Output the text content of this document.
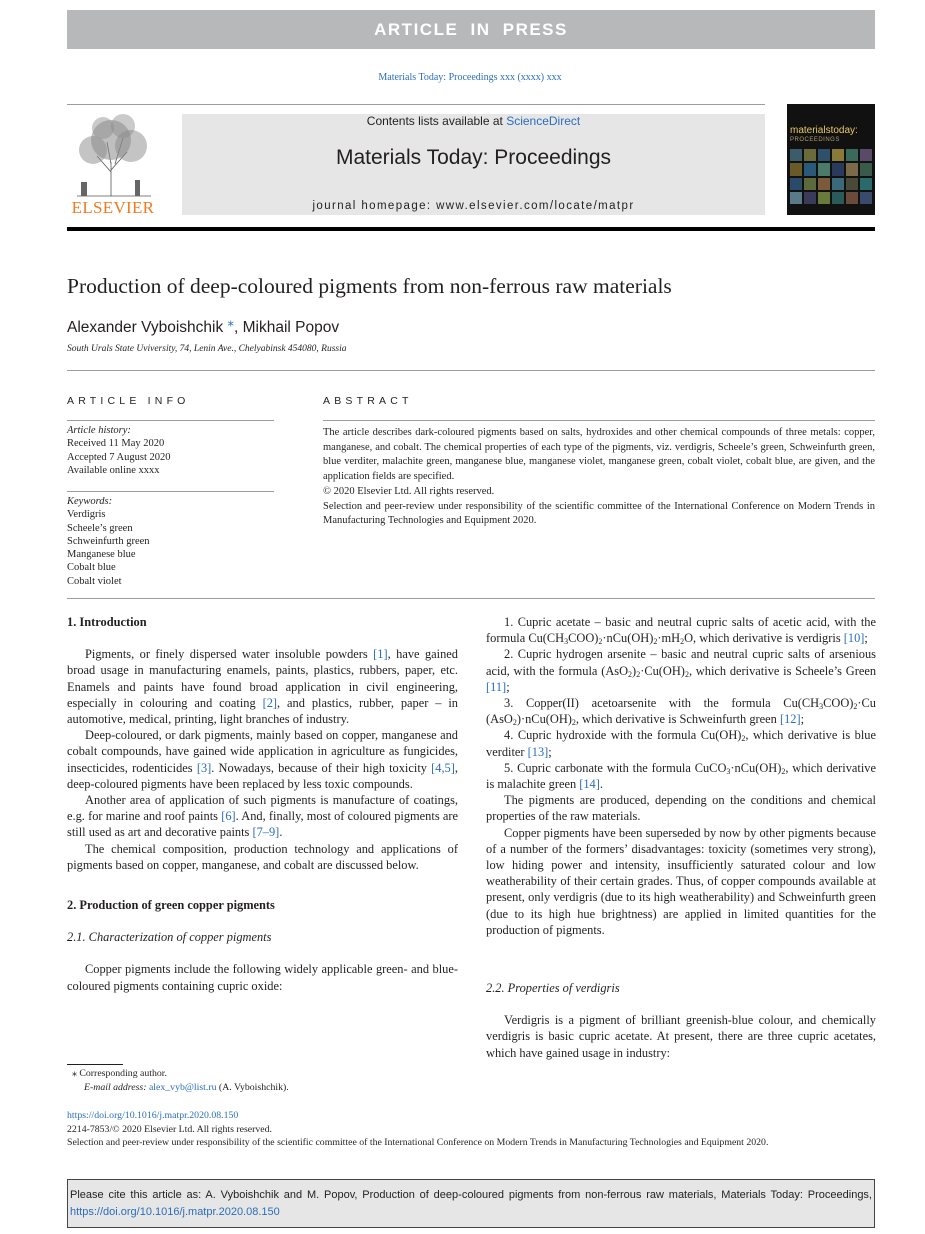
ARTICLE IN PRESS
Materials Today: Proceedings xxx (xxxx) xxx
ELSEVIER
Contents lists available at ScienceDirect
Materials Today: Proceedings
journal homepage: www.elsevier.com/locate/matpr
materialstoday:
PROCEEDINGS
Production of deep-coloured pigments from non-ferrous raw materials
Alexander Vyboishchik ⁎, Mikhail Popov
South Urals State Uviversity, 74, Lenin Ave., Chelyabinsk 454080, Russia
ARTICLE INFO
Article history:
Received 11 May 2020
Accepted 7 August 2020
Available online xxxx
Keywords:
Verdigris
Scheele’s green
Schweinfurth green
Manganese blue
Cobalt blue
Cobalt violet
ABSTRACT
The article describes dark-coloured pigments based on salts, hydroxides and other chemical compounds of three metals: copper, manganese, and cobalt. The chemical properties of each type of the pigments, viz. verdigris, Scheele’s green, Schweinfurth green, blue verditer, malachite green, manganese blue, manganese violet, manganese green, cobalt violet, cobalt blue, are given, and the application fields are specified.
© 2020 Elsevier Ltd. All rights reserved.
Selection and peer-review under responsibility of the scientific committee of the International Conference on Modern Trends in Manufacturing Technologies and Equipment 2020.
1. Introduction

Pigments, or finely dispersed water insoluble powders [1], have gained broad usage in manufacturing enamels, paints, plastics, rubbers, paper, etc. Enamels and paints have found broad application in civil engineering, especially in colouring and coating [2], and plastics, rubber, paper – in automotive, medical, printing, light branches of industry.

Deep-coloured, or dark pigments, mainly based on copper, manganese and cobalt compounds, have gained wide application in agriculture as fungicides, insecticides, rodenticides [3]. Nowadays, because of their high toxicity [4,5], deep-coloured pigments have been replaced by less toxic compounds.

Another area of application of such pigments is manufacture of coatings, e.g. for marine and roof paints [6]. And, finally, most of coloured pigments are still used as art and decorative paints [7–9].

The chemical composition, production technology and applications of pigments based on copper, manganese, and cobalt are discussed below.

2. Production of green copper pigments
2.1. Characterization of copper pigments

Copper pigments include the following widely applicable green- and blue-coloured pigments containing cupric oxide:

⁎ Corresponding author.
E-mail address: alex_vyb@list.ru (A. Vyboishchik).

1. Cupric acetate – basic and neutral cupric salts of acetic acid, with the formula $Cu(CH_3COO)_2\cdot nCu(OH)_2\cdot mH_2O$, which derivative is verdigris [10];

2. Cupric hydrogen arsenite – basic and neutral cupric salts of arsenious acid, with the formula $(AsO_2)_2\cdot Cu(OH)_2$, which derivative is Scheele’s Green [11];

3. Copper(II) acetoarsenite with the formula $Cu(CH_3COO)_2\cdot Cu$ $(AsO_2)\cdot nCu(OH)_2$, which derivative is Schweinfurth green [12];

4. Cupric hydroxide with the formula $Cu(OH)_2$, which derivative is blue verditer [13];

5. Cupric carbonate with the formula $CuCO_3\cdot nCu(OH)_2$, which derivative is malachite green [14].

The pigments are produced, depending on the conditions and chemical properties of the raw materials.

Copper pigments have been superseded by now by other pigments because of a number of the formers’ disadvantages: toxicity (sometimes very strong), low hiding power and intensity, insufficiently saturated colour and low weatherability of their certain grades. Thus, of copper compounds available at present, only verdigris (due to its high weatherability) and Schweinfurth green (due to its high hue brightness) are applied in limited quantities for the production of pigments.

2.2. Properties of verdigris

Verdigris is a pigment of brilliant greenish-blue colour, and chemically verdigris is basic cupric acetate. At present, there are three cupric acetates, which have gained usage in industry:

https://doi.org/10.1016/j.matpr.2020.08.150
2214-7853/© 2020 Elsevier Ltd. All rights reserved.
Selection and peer-review under responsibility of the scientific committee of the International Conference on Modern Trends in Manufacturing Technologies and Equipment 2020.
Please cite this article as: A. Vyboishchik and M. Popov, Production of deep-coloured pigments from non-ferrous raw materials, Materials Today: Proceedings, https://doi.org/10.1016/j.matpr.2020.08.150
